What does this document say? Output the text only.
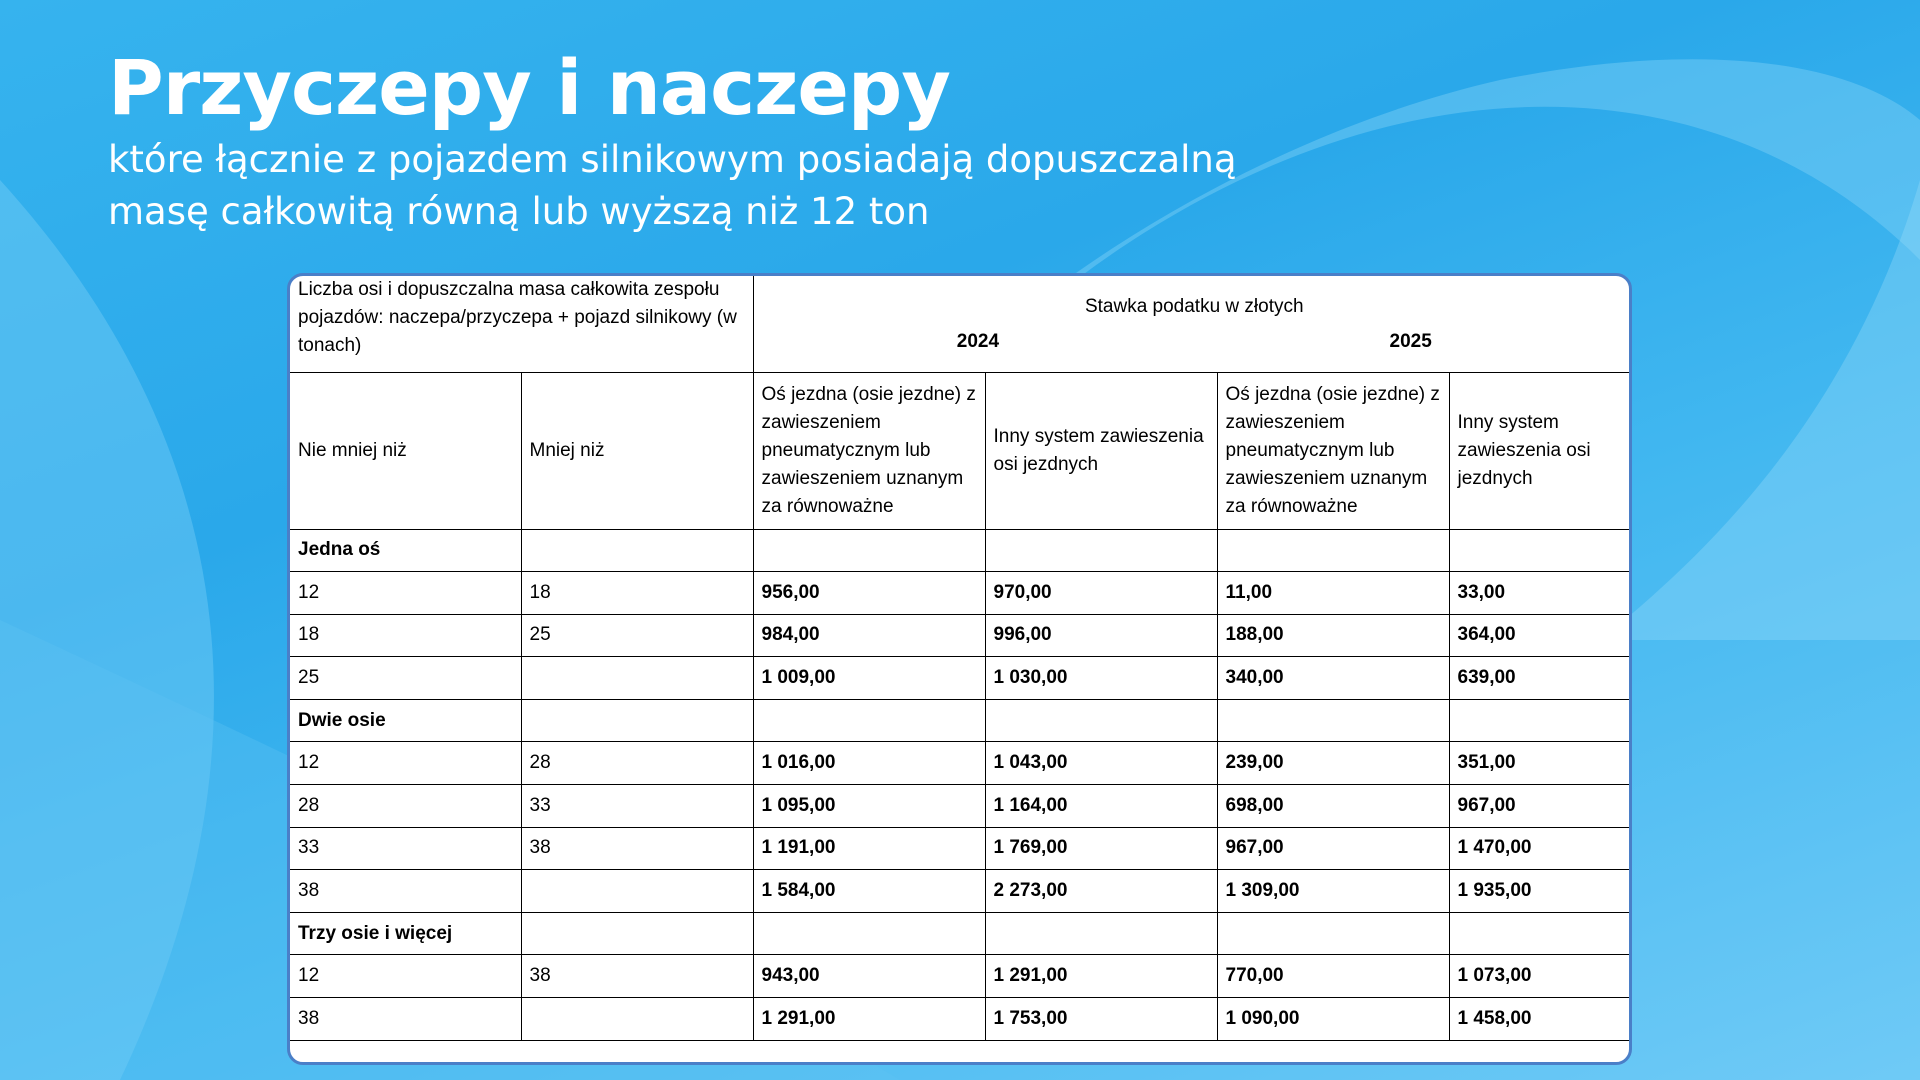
Przyczepy i naczepy
które łącznie z pojazdem silnikowym posiadają dopuszczalną
masę całkowitą równą lub wyższą niż 12 ton
Liczba osi i dopuszczalna masa całkowita zespołu pojazdów: naczepa/przyczepa + pojazd silnikowy (w tonach)		Stawka podatku w złotych
2024 2025			

Nie mniej niż	Mniej niż	Oś jezdna (osie jezdne) z zawieszeniem pneumatycznym lub zawieszeniem uznanym za równoważne	Inny system zawieszenia osi jezdnych	Oś jezdna (osie jezdne) z zawieszeniem pneumatycznym lub zawieszeniem uznanym za równoważne	Inny system zawieszenia osi jezdnych
Jedna oś					
12	18	956,00	970,00	11,00	33,00
18	25	984,00	996,00	188,00	364,00
25		1 009,00	1 030,00	340,00	639,00
Dwie osie					
12	28	1 016,00	1 043,00	239,00	351,00
28	33	1 095,00	1 164,00	698,00	967,00
33	38	1 191,00	1 769,00	967,00	1 470,00
38		1 584,00	2 273,00	1 309,00	1 935,00
Trzy osie i więcej					
12	38	943,00	1 291,00	770,00	1 073,00
38		1 291,00	1 753,00	1 090,00	1 458,00
